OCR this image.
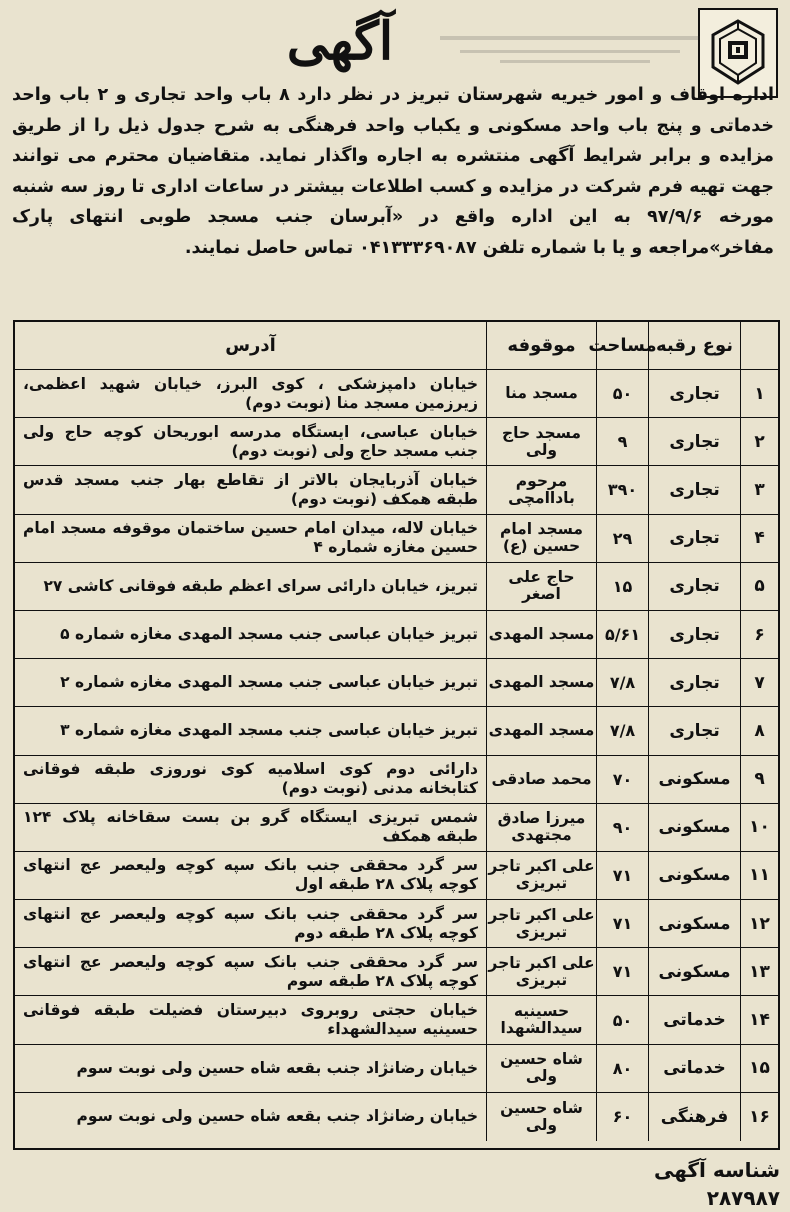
آگهی
اداره اوقاف و امور خیریه شهرستان تبریز در نظر دارد ۸ باب واحد تجاری و ۲ باب واحد خدماتی و پنج باب واحد مسکونی و یکباب واحد فرهنگی به شرح جدول ذیل را از طریق مزایده و برابر شرایط آگهی منتشره به اجاره واگذار نماید. متقاضیان محترم می توانند جهت تهیه فرم شرکت در مزایده و کسب اطلاعات بیشتر در ساعات اداری تا روز سه شنبه مورخه ۹۷/۹/۶ به این اداره واقع در «آبرسان جنب مسجد طوبی انتهای پارک مفاخر»مراجعه و یا با شماره تلفن ۰۴۱۳۳۳۶۹۰۸۷ تماس حاصل نمایند.
نوع رقبه
مساحت
موقوفه
آدرس
۱
تجاری
۵۰
مسجد منا
خیابان دامپزشکی ، کوی البرز، خیابان شهید اعظمی، زیرزمین مسجد منا (نوبت دوم)
۲
تجاری
۹
مسجد حاج ولی
خیابان عباسی، ایستگاه مدرسه ابوریحان کوچه حاج ولی جنب مسجد حاج ولی (نوبت دوم)
۳
تجاری
۳۹۰
مرحوم باداامچی
خیابان آذربایجان بالاتر از تقاطع بهار جنب مسجد قدس طبقه همکف (نوبت دوم)
۴
تجاری
۲۹
مسجد امام حسین (ع)
خیابان لاله، میدان امام حسین ساختمان موقوفه مسجد امام حسین مغازه شماره ۴
۵
تجاری
۱۵
حاج علی اصغر
تبریز، خیابان دارائی سرای اعظم طبقه فوقانی کاشی ۲۷
۶
تجاری
۵/۶۱
مسجد المهدی
تبریز خیابان عباسی جنب مسجد المهدی مغازه شماره ۵
۷
تجاری
۷/۸
مسجد المهدی
تبریز خیابان عباسی جنب مسجد المهدی مغازه شماره ۲
۸
تجاری
۷/۸
مسجد المهدی
تبریز خیابان عباسی جنب مسجد المهدی مغازه شماره ۳
۹
مسکونی
۷۰
محمد صادقی
دارائی دوم کوی اسلامیه کوی نوروزی طبقه فوقانی کتابخانه مدنی (نوبت دوم)
۱۰
مسکونی
۹۰
میرزا صادق مجتهدی
شمس تبریزی ایستگاه گرو بن بست سقاخانه پلاک ۱۲۴ طبقه همکف
۱۱
مسکونی
۷۱
علی اکبر تاجر تبریزی
سر گرد محققی جنب بانک سپه کوچه ولیعصر عج انتهای کوچه پلاک ۲۸ طبقه اول
۱۲
مسکونی
۷۱
علی اکبر تاجر تبریزی
سر گرد محققی جنب بانک سپه کوچه ولیعصر عج انتهای کوچه پلاک ۲۸ طبقه دوم
۱۳
مسکونی
۷۱
علی اکبر تاجر تبریزی
سر گرد محققی جنب بانک سپه کوچه ولیعصر عج انتهای کوچه پلاک ۲۸ طبقه سوم
۱۴
خدماتی
۵۰
حسینیه سیدالشهدا
خیابان حجتی روبروی دبیرستان فضیلت طبقه فوقانی حسینیه سیدالشهداء
۱۵
خدماتی
۸۰
شاه حسین ولی
خیابان رضانژاد جنب بقعه شاه حسین ولی نوبت سوم
۱۶
فرهنگی
۶۰
شاه حسین ولی
خیابان رضانژاد جنب بقعه شاه حسین ولی نوبت سوم
شناسه آگهی ۲۸۷۹۸۷
